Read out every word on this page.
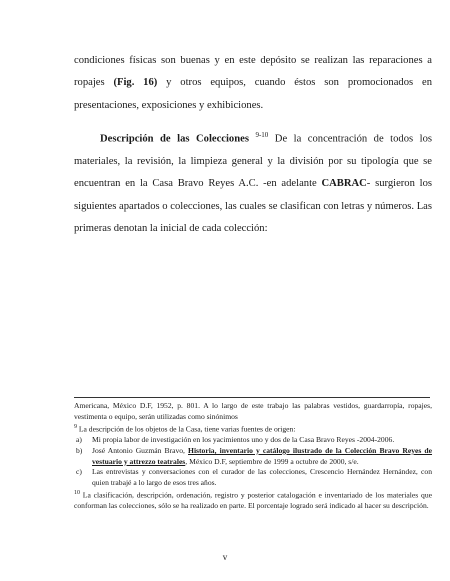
condiciones físicas son buenas y en este depósito se realizan las reparaciones a ropajes (Fig. 16) y otros equipos, cuando éstos son promocionados en presentaciones, exposiciones y exhibiciones.

Descripción de las Colecciones $^{9-10}$ De la concentración de todos los materiales, la revisión, la limpieza general y la división por su tipología que se encuentran en la Casa Bravo Reyes A.C. -en adelante CABRAC- surgieron los siguientes apartados o colecciones, las cuales se clasifican con letras y números. Las primeras denotan la inicial de cada colección:

Americana, México D.F, 1952, p. 801. A lo largo de este trabajo las palabras vestidos, guardarropía, ropajes, vestimenta o equipo, serán utilizadas como sinónimos

$^9$ La descripción de los objetos de la Casa, tiene varias fuentes de origen:

a) Mi propia labor de investigación en los yacimientos uno y dos de la Casa Bravo Reyes -2004-2006.

b) José Antonio Guzmán Bravo, Historia, inventario y catálogo ilustrado de la Colección Bravo Reyes de vestuario y attrezzo teatrales, México D.F, septiembre de 1999 a octubre de 2000, s/e.

c) Las entrevistas y conversaciones con el curador de las colecciones, Crescencio Hernández Hernández, con quien trabajé a lo largo de esos tres años.

$^{10}$ La clasificación, descripción, ordenación, registro y posterior catalogación e inventariado de los materiales que conforman las colecciones, sólo se ha realizado en parte. El porcentaje logrado será indicado al hacer su descripción.

v
